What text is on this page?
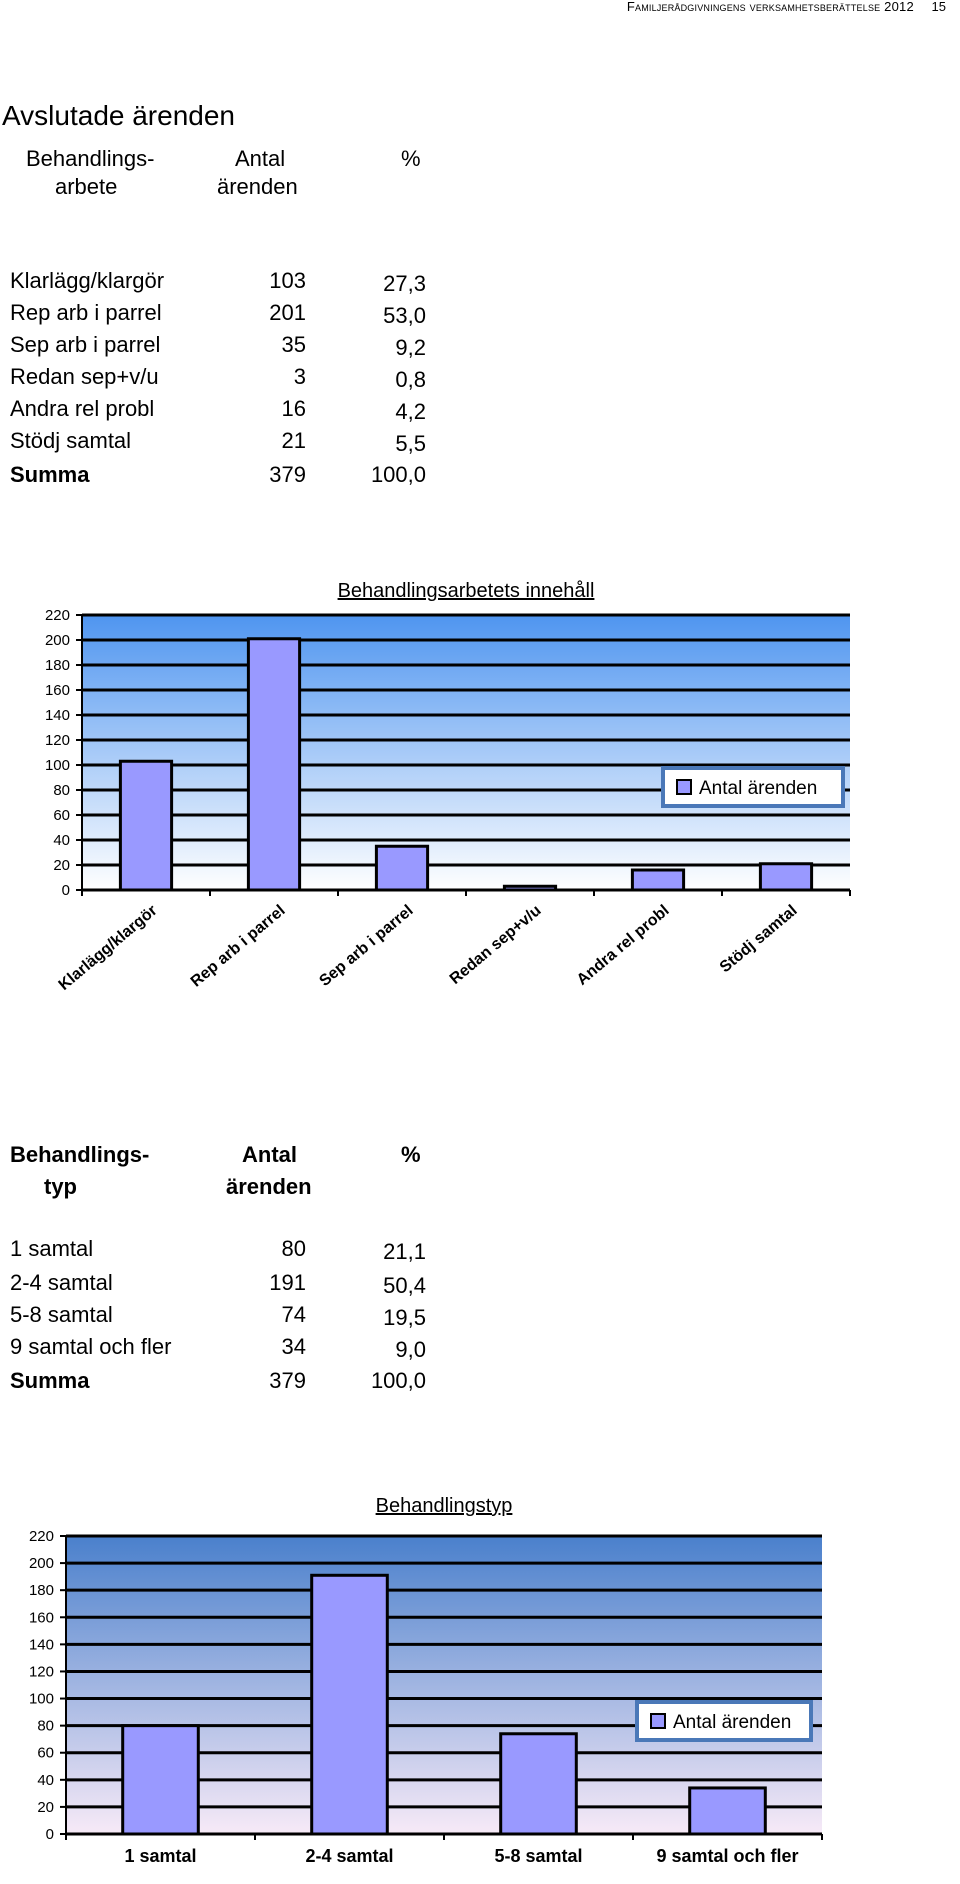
Familjerådgivningens verksamhetsberättelse 2012 15
Avslutade ärenden
Behandlings-
arbete
Antal
ärenden
%
Klarlägg/klargör	103	27,3
Rep arb i parrel	201	53,0
Sep arb i parrel	35	9,2
Redan sep+v/u	3	0,8
Andra rel probl	16	4,2
Stödj samtal	21	5,5
Summa	379	100,0
Behandlingsarbetets innehåll
0
20
40
60
80
100
120
140
160
180
200
220
Klarlägg/klargör Rep arb i parrel Sep arb i parrel Redan sep+v/u Andra rel probl	Stödj samtal
Antal ärenden
Behandlings-
typ
Antal
ärenden
%
1 samtal	80	21,1
2-4 samtal	191	50,4
5-8 samtal	74	19,5
9 samtal och fler	34	9,0
Summa	379	100,0
Behandlingstyp
0
20
40
60
80
100
120
140
160
180
200
220
1 samtal	2-4 samtal	5-8 samtal	9 samtal och fler
Antal ärenden
